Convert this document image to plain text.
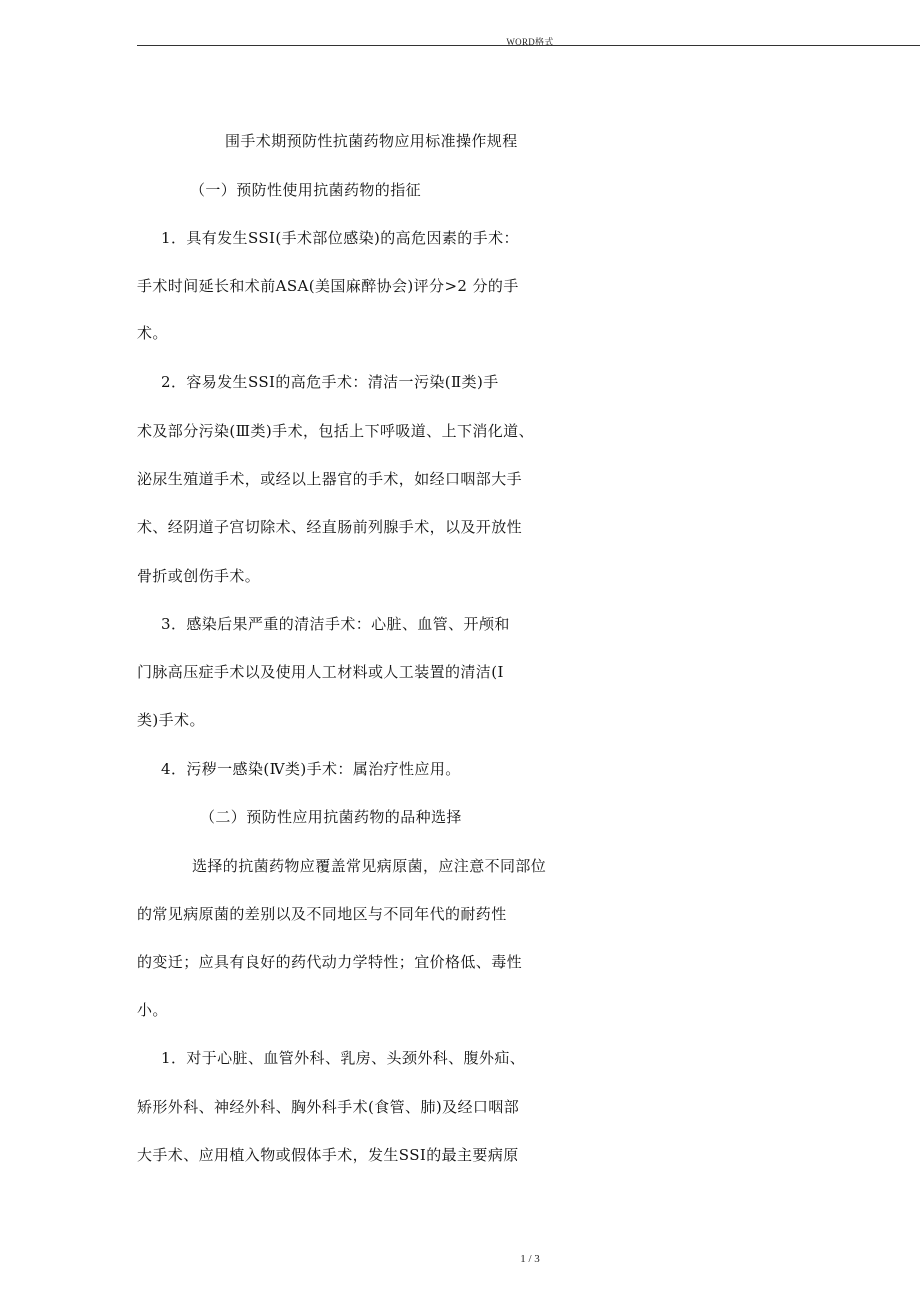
WORD格式
围手术期预防性抗菌药物应用标准操作规程
（一）预防性使用抗菌药物的指征
1．具有发生SSI(手术部位感染)的高危因素的手术：
手术时间延长和术前ASA(美国麻醉协会)评分>2 分的手
术。
2．容易发生SSI的高危手术：清洁一污染(Ⅱ类)手
术及部分污染(Ⅲ类)手术，包括上下呼吸道、上下消化道、
泌尿生殖道手术，或经以上器官的手术，如经口咽部大手
术、经阴道子宫切除术、经直肠前列腺手术，以及开放性
骨折或创伤手术。
3．感染后果严重的清洁手术：心脏、血管、开颅和
门脉高压症手术以及使用人工材料或人工装置的清洁(Ⅰ
类)手术。
4．污秽一感染(Ⅳ类)手术：属治疗性应用。
（二）预防性应用抗菌药物的品种选择
选择的抗菌药物应覆盖常见病原菌，应注意不同部位
的常见病原菌的差别以及不同地区与不同年代的耐药性
的变迁；应具有良好的药代动力学特性；宜价格低、毒性
小。
1．对于心脏、血管外科、乳房、头颈外科、腹外疝、
矫形外科、神经外科、胸外科手术(食管、肺)及经口咽部
大手术、应用植入物或假体手术，发生SSI的最主要病原
1 / 3
